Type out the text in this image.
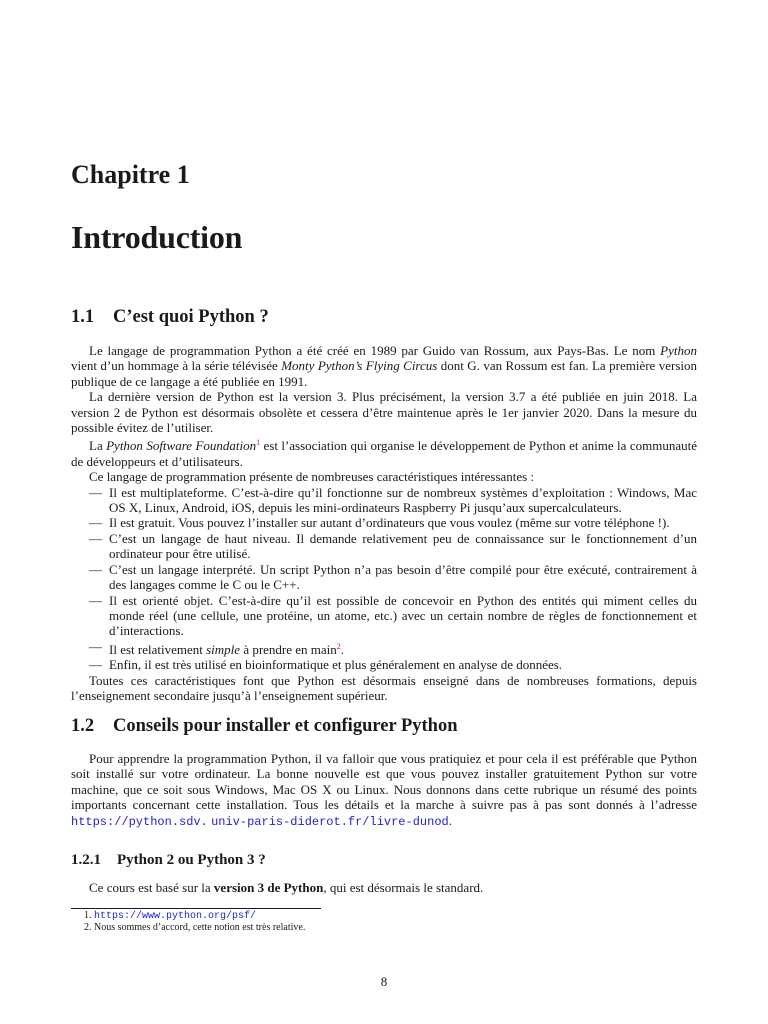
Chapitre 1
Introduction
1.1 C’est quoi Python ?

Le langage de programmation Python a été créé en 1989 par Guido van Rossum, aux Pays-Bas. Le nom Python vient d’un hommage à la série télévisée Monty Python’s Flying Circus dont G. van Rossum est fan. La première version publique de ce langage a été publiée en 1991.

La dernière version de Python est la version 3. Plus précisément, la version 3.7 a été publiée en juin 2018. La version 2 de Python est désormais obsolète et cessera d’être maintenue après le 1er janvier 2020. Dans la mesure du possible évitez de l’utiliser.

La Python Software Foundation$^1$ est l’association qui organise le développement de Python et anime la communauté de développeurs et d’utilisateurs.

Ce langage de programmation présente de nombreuses caractéristiques intéressantes :

— Il est multiplateforme. C’est-à-dire qu’il fonctionne sur de nombreux systèmes d’exploitation : Windows, Mac OS X, Linux, Android, iOS, depuis les mini-ordinateurs Raspberry Pi jusqu’aux supercalculateurs.
— Il est gratuit. Vous pouvez l’installer sur autant d’ordinateurs que vous voulez (même sur votre téléphone !).
— C’est un langage de haut niveau. Il demande relativement peu de connaissance sur le fonctionnement d’un ordinateur pour être utilisé.
— C’est un langage interprété. Un script Python n’a pas besoin d’être compilé pour être exécuté, contrairement à des langages comme le C ou le C++.
— Il est orienté objet. C’est-à-dire qu’il est possible de concevoir en Python des entités qui miment celles du monde réel (une cellule, une protéine, un atome, etc.) avec un certain nombre de règles de fonctionnement et d’interactions.
— Il est relativement simple à prendre en main$^2$.
— Enfin, il est très utilisé en bioinformatique et plus généralement en analyse de données.

Toutes ces caractéristiques font que Python est désormais enseigné dans de nombreuses formations, depuis l’enseignement secondaire jusqu’à l’enseignement supérieur.

1.2 Conseils pour installer et configurer Python

Pour apprendre la programmation Python, il va falloir que vous pratiquiez et pour cela il est préférable que Python soit installé sur votre ordinateur. La bonne nouvelle est que vous pouvez installer gratuitement Python sur votre machine, que ce soit sous Windows, Mac OS X ou Linux. Nous donnons dans cette rubrique un résumé des points importants concernant cette installation. Tous les détails et la marche à suivre pas à pas sont donnés à l’adresse https://python.sdv. univ-paris-diderot.fr/livre-dunod.

1.2.1 Python 2 ou Python 3 ?

Ce cours est basé sur la version 3 de Python, qui est désormais le standard.

1. https://www.python.org/psf/
2. Nous sommes d’accord, cette notion est très relative.
8
